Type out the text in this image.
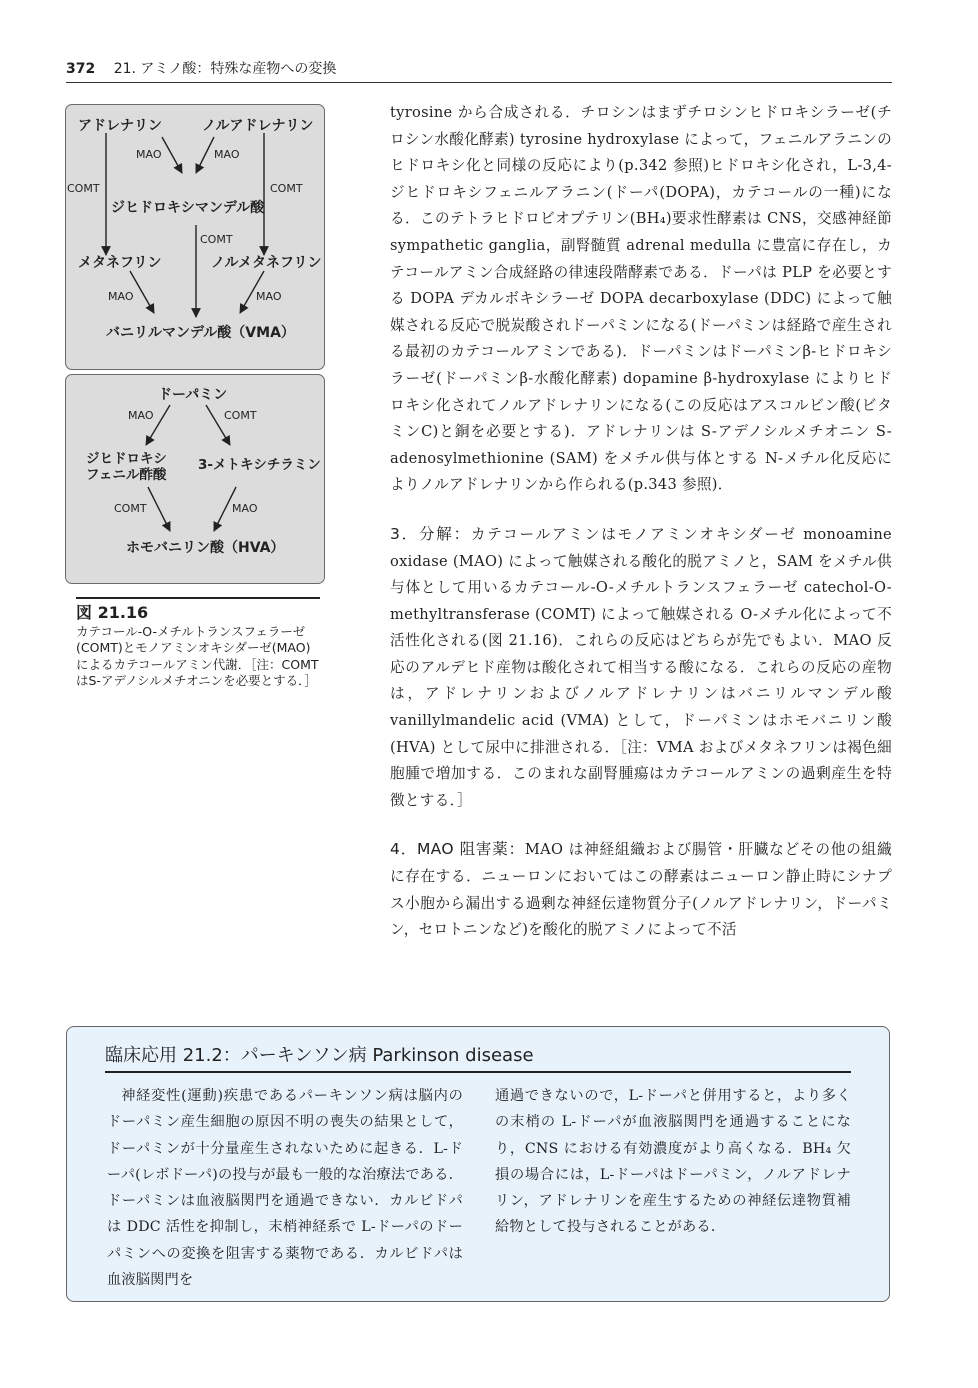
372 21. アミノ酸：特殊な産物への変換
アドレナリン	ノルアドレナリン
MAO	MAO
COMT	COMT
ジヒドロキシマンデル酸
COMT
メタネフリン	ノルメタネフリン
MAO	MAO
バニリルマンデル酸（VMA）
ドーパミン
MAO	COMT
ジヒドロキシ
フェニル酢酸
3-メトキシチラミン
COMT	MAO
ホモバニリン酸（HVA）
図 21.16
カテコール-O-メチルトランスフェラーゼ(COMT)とモノアミンオキシダーゼ(MAO)によるカテコールアミン代謝．［注：COMTはS-アデノシルメチオニンを必要とする．］

tyrosine から合成される．チロシンはまずチロシンヒドロキシラーゼ(チロシン水酸化酵素) tyrosine hydroxylase によって，フェニルアラニンのヒドロキシ化と同様の反応により(p.342 参照)ヒドロキシ化され，L-3,4-ジヒドロキシフェニルアラニン(ドーパ(DOPA)，カテコールの一種)になる．このテトラヒドロビオプテリン(BH₄)要求性酵素は CNS，交感神経節 sympathetic ganglia，副腎髄質 adrenal medulla に豊富に存在し，カテコールアミン合成経路の律速段階酵素である．ドーパは PLP を必要とする DOPA デカルボキシラーゼ DOPA decarboxylase (DDC) によって触媒される反応で脱炭酸されドーパミンになる(ドーパミンは経路で産生される最初のカテコールアミンである)．ドーパミンはドーパミンβ-ヒドロキシラーゼ(ドーパミンβ-水酸化酵素) dopamine β-hydroxylase によりヒドロキシ化されてノルアドレナリンになる(この反応はアスコルビン酸(ビタミンC)と銅を必要とする)．アドレナリンは S-アデノシルメチオニン S-adenosylmethionine (SAM) をメチル供与体とする N-メチル化反応によりノルアドレナリンから作られる(p.343 参照)．

3．分解：カテコールアミンはモノアミンオキシダーゼ monoamine oxidase (MAO) によって触媒される酸化的脱アミノと，SAM をメチル供与体として用いるカテコール-O-メチルトランスフェラーゼ catechol-O-methyltransferase (COMT) によって触媒される O-メチル化によって不活性化される(図 21.16)．これらの反応はどちらが先でもよい．MAO 反応のアルデヒド産物は酸化されて相当する酸になる．これらの反応の産物は，アドレナリンおよびノルアドレナリンはバニリルマンデル酸 vanillylmandelic acid (VMA) として，ドーパミンはホモバニリン酸 (HVA) として尿中に排泄される．［注：VMA およびメタネフリンは褐色細胞腫で増加する．このまれな副腎腫瘍はカテコールアミンの過剰産生を特徴とする．］

4．MAO 阻害薬：MAO は神経組織および腸管・肝臓などその他の組織に存在する．ニューロンにおいてはこの酵素はニューロン静止時にシナプス小胞から漏出する過剰な神経伝達物質分子(ノルアドレナリン，ドーパミン，セロトニンなど)を酸化的脱アミノによって不活

臨床応用 21.2：パーキンソン病 Parkinson disease
神経変性(運動)疾患であるパーキンソン病は脳内のドーパミン産生細胞の原因不明の喪失の結果として，ドーパミンが十分量産生されないために起きる．L-ドーパ(レボドーパ)の投与が最も一般的な治療法である．ドーパミンは血液脳関門を通過できない．カルビドパは DDC 活性を抑制し，末梢神経系で L-ドーパのドーパミンへの変換を阻害する薬物である．カルビドパは血液脳関門を
通過できないので，L-ドーパと併用すると，より多くの末梢の L-ドーパが血液脳関門を通過することになり，CNS における有効濃度がより高くなる．BH₄ 欠損の場合には，L-ドーパはドーパミン，ノルアドレナリン，アドレナリンを産生するための神経伝達物質補給物として投与されることがある．
